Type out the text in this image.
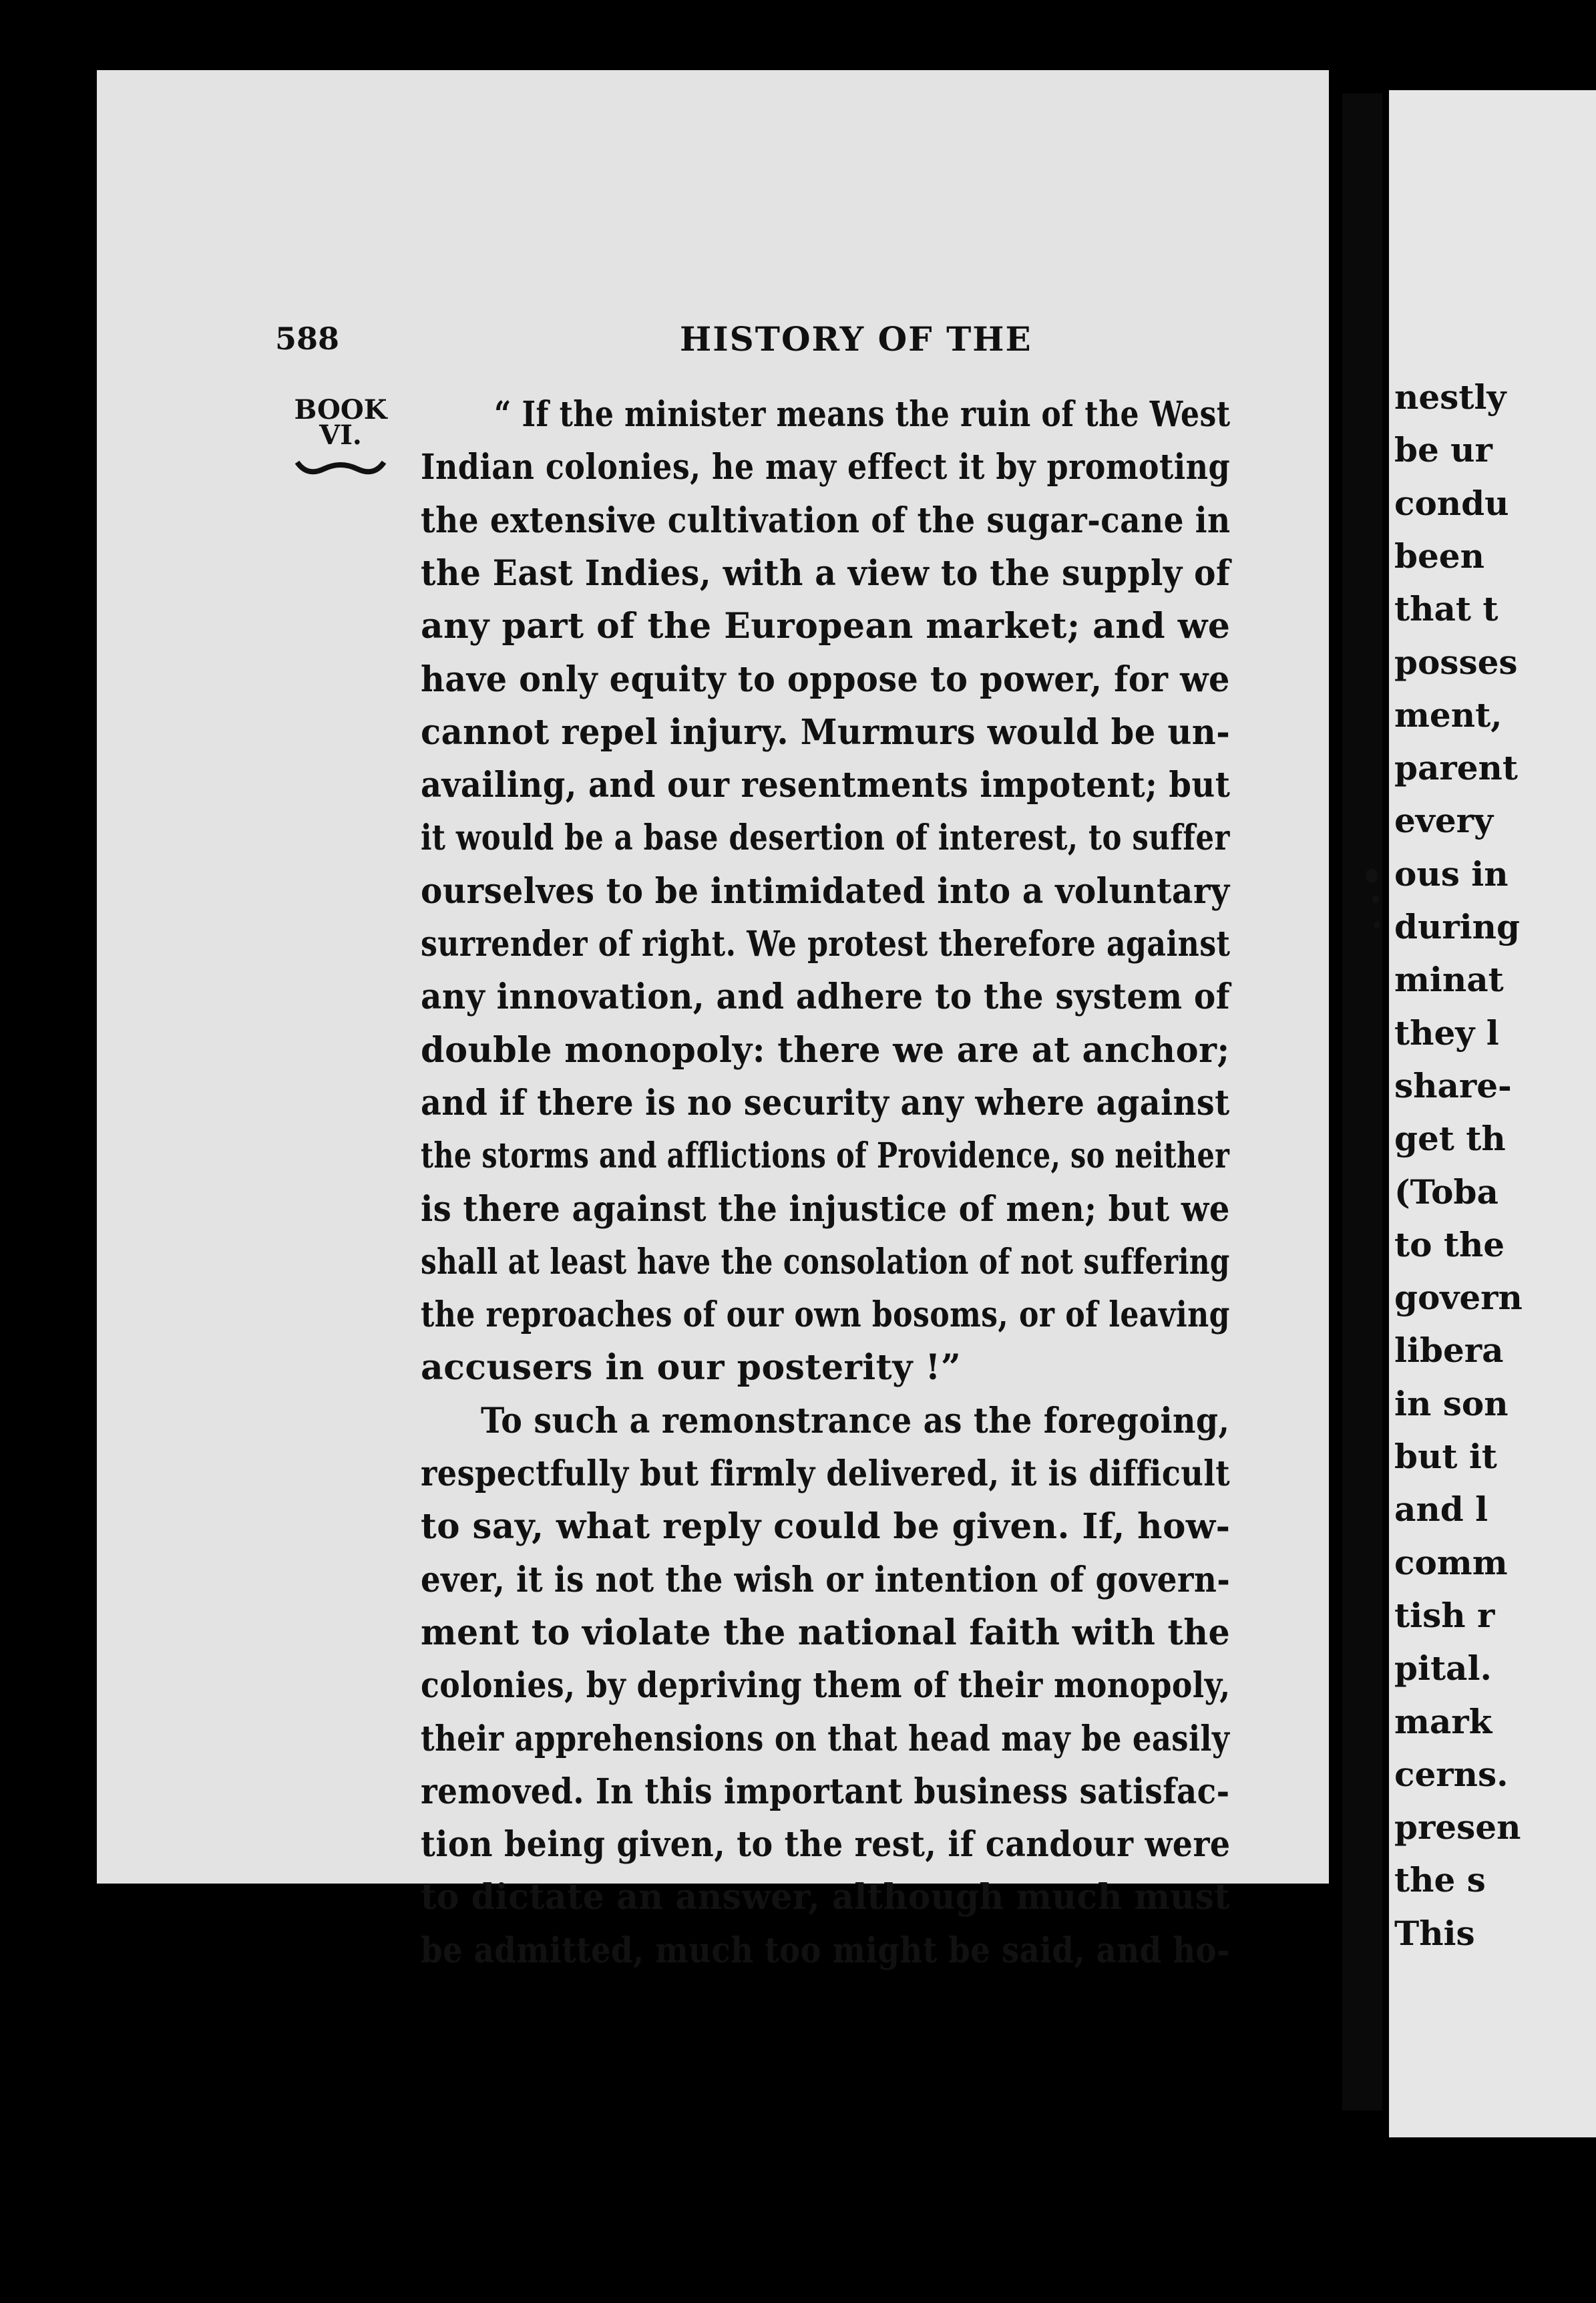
nestly
be ur
condu
been
that t
posses
ment,
parent
every
ous in
during
minat
they l
share-
get th
(Toba
to the
govern
libera
in son
but it
and l
comm
tish r
pital.
mark
cerns.
presen
the s
This
588	HISTORY OF THE
BOOK
VI.
“ If the minister means the ruin of the West
Indian colonies, he may effect it by promoting
the extensive cultivation of the sugar-cane in
the East Indies, with a view to the supply of
any part of the European market; and we
have only equity to oppose to power, for we
cannot repel injury. Murmurs would be un-
availing, and our resentments impotent; but
it would be a base desertion of interest, to suffer
ourselves to be intimidated into a voluntary
surrender of right. We protest therefore against
any innovation, and adhere to the system of
double monopoly: there we are at anchor;
and if there is no security any where against
the storms and afflictions of Providence, so neither
is there against the injustice of men; but we
shall at least have the consolation of not suffering
the reproaches of our own bosoms, or of leaving
accusers in our posterity !”
To such a remonstrance as the foregoing,
respectfully but firmly delivered, it is difficult
to say, what reply could be given. If, how-
ever, it is not the wish or intention of govern-
ment to violate the national faith with the
colonies, by depriving them of their monopoly,
their apprehensions on that head may be easily
removed. In this important business satisfac-
tion being given, to the rest, if candour were
to dictate an answer, although much must
be admitted, much too might be said, and ho-
